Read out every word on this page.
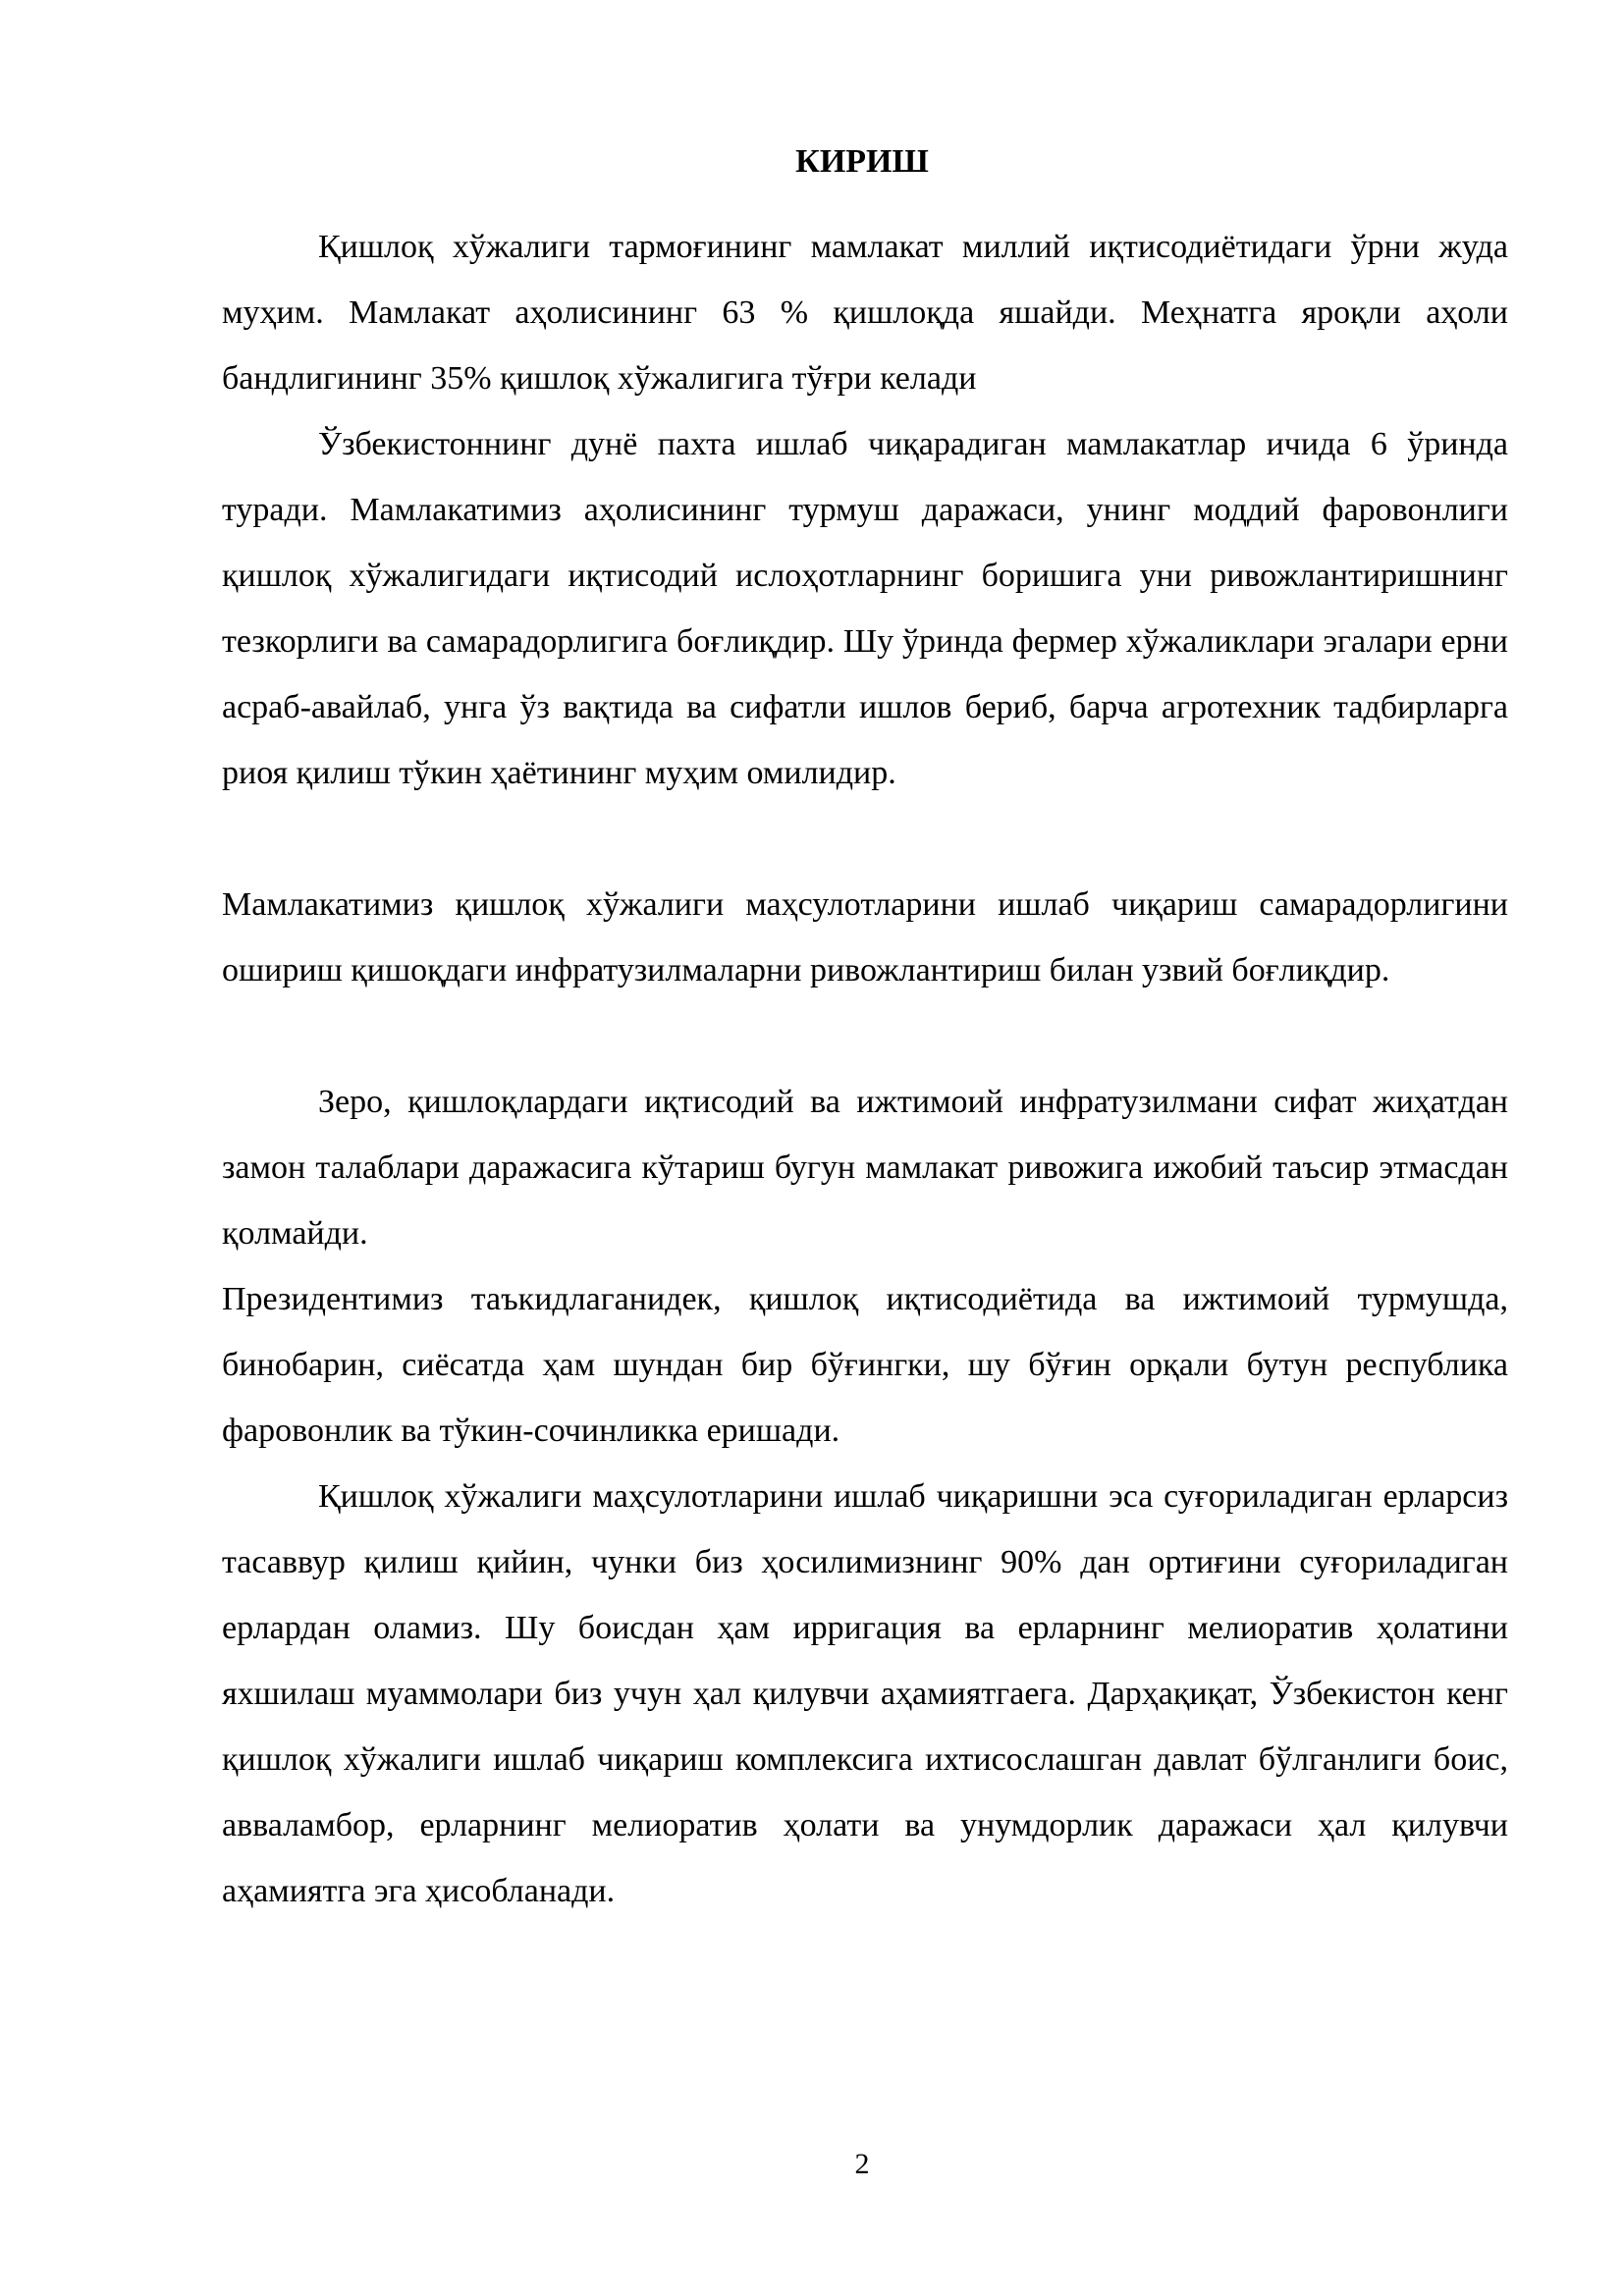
КИРИШ

Қишлоқ хўжалиги тармоғининг мамлакат миллий иқтисодиётидаги ўрни жуда муҳим. Мамлакат аҳолисининг 63 % қишлоқда яшайди. Меҳнатга яроқли аҳоли бандлигининг 35% қишлоқ хўжалигига тўғри келади

Ўзбекистоннинг дунё пахта ишлаб чиқарадиган мамлакатлар ичида 6 ўринда туради. Мамлакатимиз аҳолисининг турмуш даражаси, унинг моддий фаровонлиги қишлоқ хўжалигидаги иқтисодий ислоҳотларнинг боришига уни ривожлантиришнинг тезкорлиги ва самарадорлигига боғлиқдир. Шу ўринда фермер хўжаликлари эгалари ерни асраб-авайлаб, унга ўз вақтида ва сифатли ишлов бериб, барча агротехник тадбирларга риоя қилиш тўкин ҳаётининг муҳим омилидир.

Мамлакатимиз қишлоқ хўжалиги маҳсулотларини ишлаб чиқариш самарадорлигини ошириш қишоқдаги инфратузилмаларни ривожлантириш билан узвий боғлиқдир.

Зеро, қишлоқлардаги иқтисодий ва ижтимоий инфратузилмани сифат жиҳатдан замон талаблари даражасига кўтариш бугун мамлакат ривожига ижобий таъсир этмасдан қолмайди.

Президентимиз таъкидлаганидек, қишлоқ иқтисодиётида ва ижтимоий турмушда, бинобарин, сиёсатда ҳам шундан бир бўғингки, шу бўғин орқали бутун республика фаровонлик ва тўкин-сочинликка еришади.

Қишлоқ хўжалиги маҳсулотларини ишлаб чиқаришни эса суғориладиган ерларсиз тасаввур қилиш қийин, чунки биз ҳосилимизнинг 90% дан ортиғини суғориладиган ерлардан оламиз. Шу боисдан ҳам ирригация ва ерларнинг мелиоратив ҳолатини яхшилаш муаммолари биз учун ҳал қилувчи аҳамиятгаега. Дарҳақиқат, Ўзбекистон кенг қишлоқ хўжалиги ишлаб чиқариш комплексига ихтисослашган давлат бўлганлиги боис, авваламбор, ерларнинг мелиоратив ҳолати ва унумдорлик даражаси ҳал қилувчи аҳамиятга эга ҳисобланади.

2
